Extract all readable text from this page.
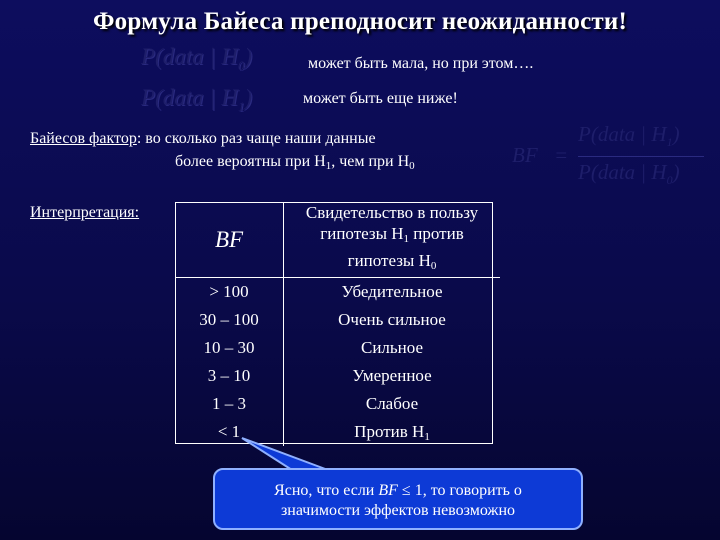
Формула Байеса преподносит неожиданности!
P(data | $H_0$)	может быть мала, но при этом….
P(data | $H_1$)	может быть еще ниже!
Байесов фактор: во сколько раз чаще наши данные
более вероятны при H1, чем при H0	BF =
P(data | $H_1$)
P(data | $H_0$)
Интерпретация:
BF	Свидетельство в пользу
гипотезы H1 против
гипотезы H0
> 100	Убедительное
30 – 100	Очень сильное
10 – 30	Сильное
3 – 10	Умеренное
1 – 3	Слабое
< 1	Против H1
Ясно, что если BF ≤ 1, то говорить о
значимости эффектов невозможно
